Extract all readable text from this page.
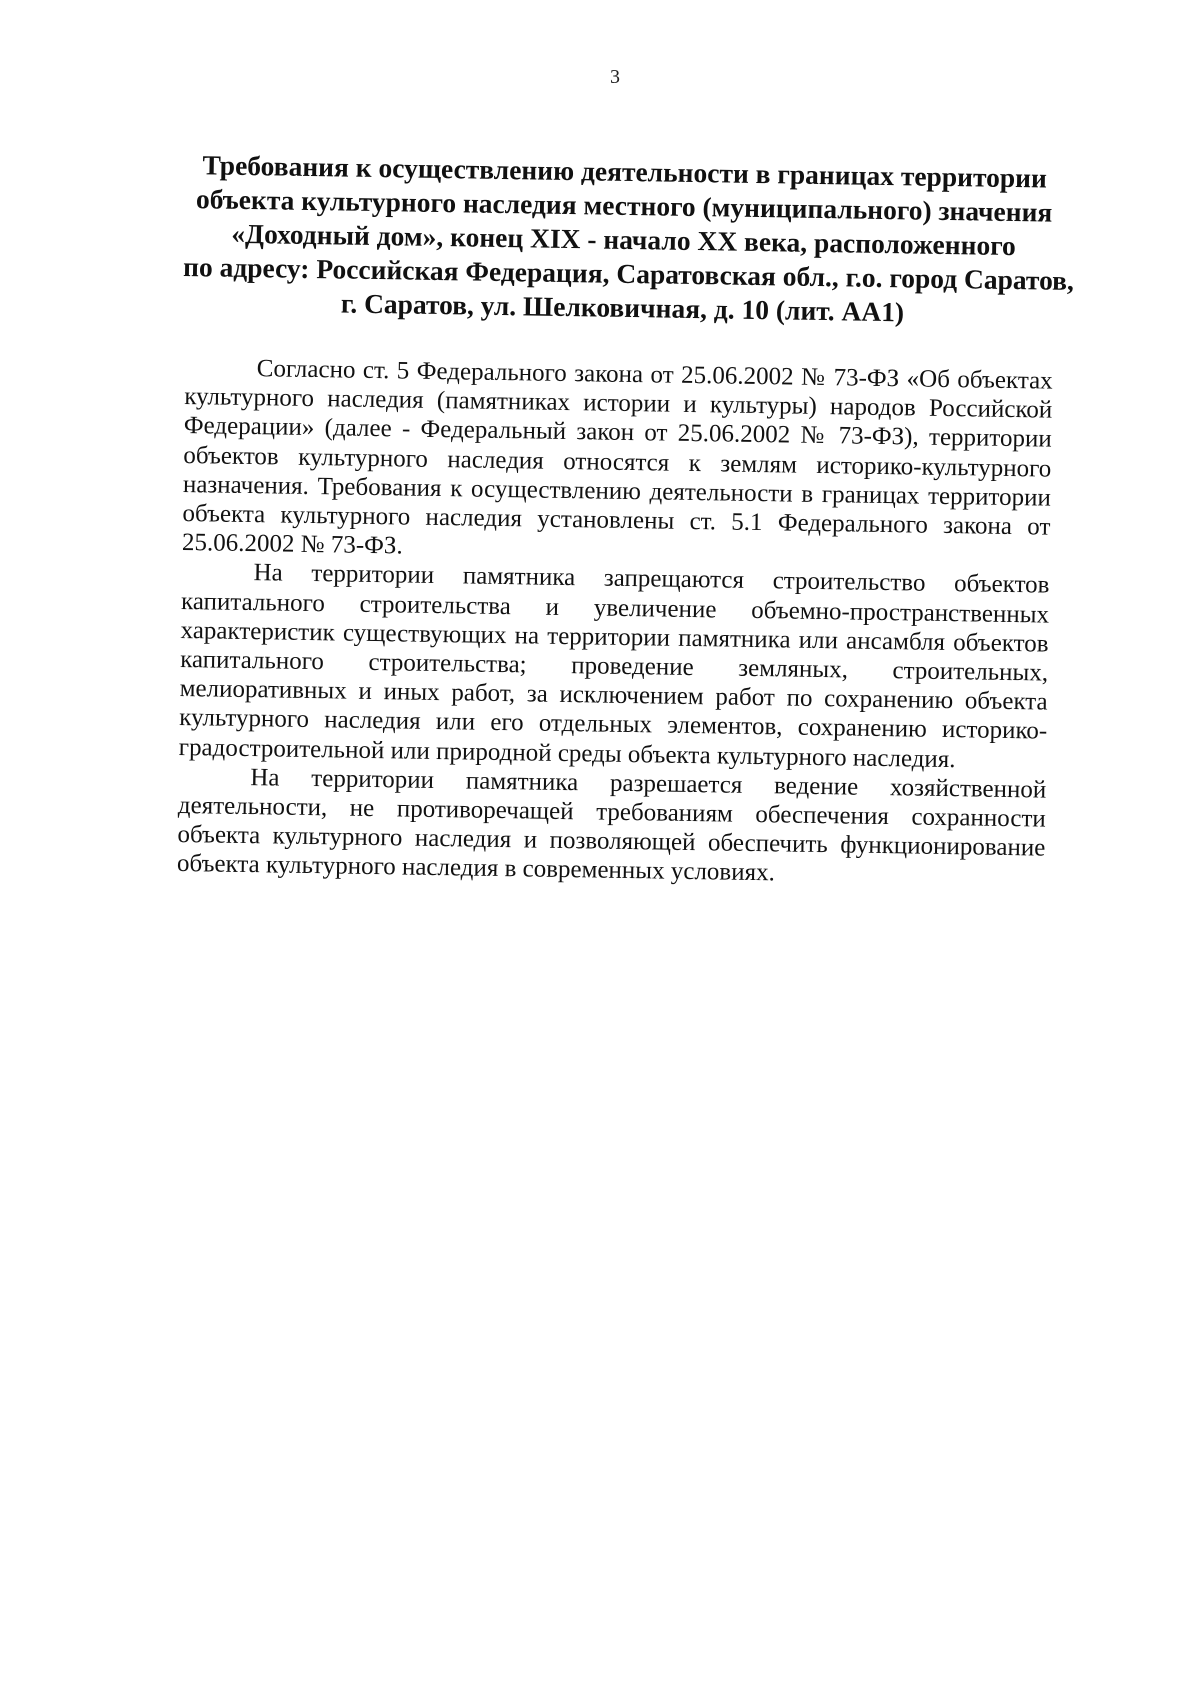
3
Требования к осуществлению деятельности в границах территории
объекта культурного наследия местного (муниципального) значения
«Доходный дом», конец XIX - начало XX века, расположенного
по адресу: Российская Федерация, Саратовская обл., г.о. город Саратов,
г. Саратов, ул. Шелковичная, д. 10 (лит. АА1)

Согласно ст. 5 Федерального закона от 25.06.2002 № 73-ФЗ «Об объектах культурного наследия (памятниках истории и культуры) народов Российской Федерации» (далее - Федеральный закон от 25.06.2002 № 73-ФЗ), территории объектов культурного наследия относятся к землям историко-культурного назначения. Требования к осуществлению деятельности в границах территории объекта культурного наследия установлены ст. 5.1 Федерального закона от 25.06.2002 № 73-ФЗ.

На территории памятника запрещаются строительство объектов капитального строительства и увеличение объемно-пространственных характеристик существующих на территории памятника или ансамбля объектов капитального строительства; проведение земляных, строительных, мелиоративных и иных работ, за исключением работ по сохранению объекта культурного наследия или его отдельных элементов, сохранению историко-градостроительной или природной среды объекта культурного наследия.

На территории памятника разрешается ведение хозяйственной деятельности, не противоречащей требованиям обеспечения сохранности объекта культурного наследия и позволяющей обеспечить функционирование объекта культурного наследия в современных условиях.
